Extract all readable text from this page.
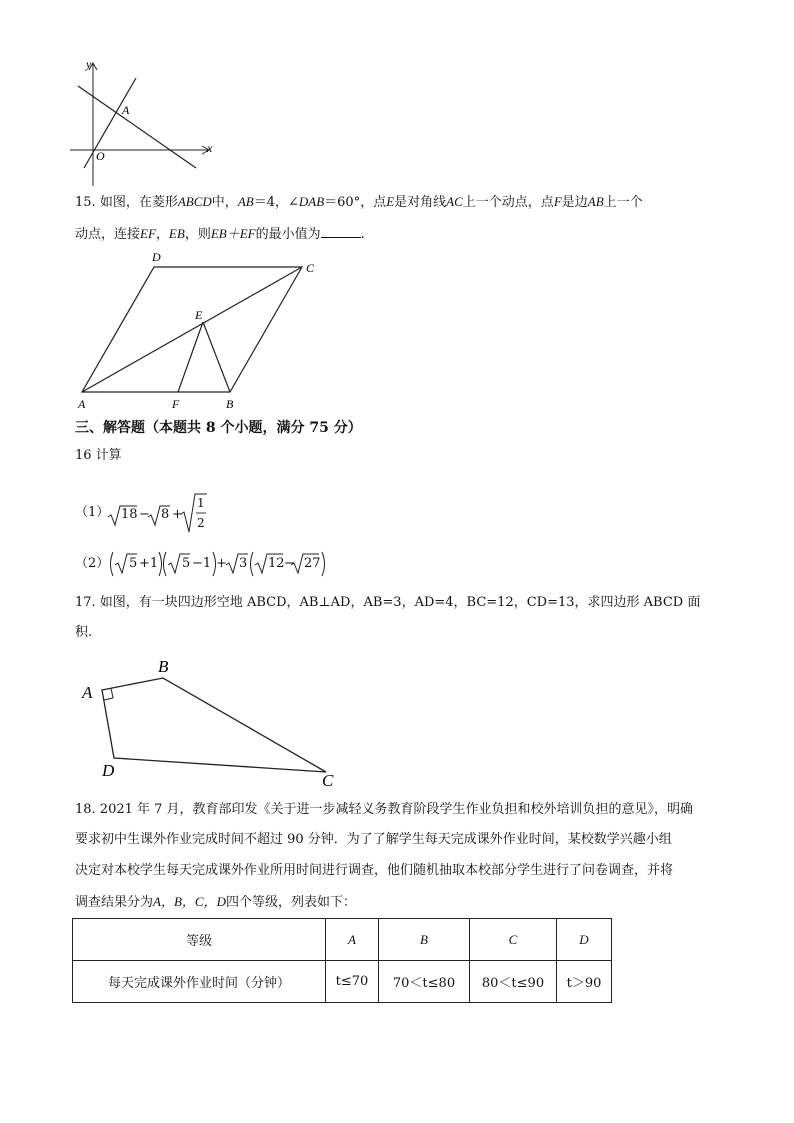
y
x
O
A
15. 如图，在菱形ABCD中，AB＝4，∠DAB＝60°，点E是对角线AC上一个动点，点F是边AB上一个
动点，连接EF，EB，则EB＋EF的最小值为	.
D
C
E
A	F	B
三、解答题（本题共 8 个小题，满分 75 分）
16 计算
（1） 18 − 8 +
1
2
（2） 5 +1 5 −1 + 3 12 − 27
17. 如图，有一块四边形空地 ABCD，AB⊥AD，AB=3，AD=4，BC=12，CD=13，求四边形 ABCD 面
积.
A
B
D
C
18. 2021 年 7 月，教育部印发《关于进一步减轻义务教育阶段学生作业负担和校外培训负担的意见》，明确
要求初中生课外作业完成时间不超过 90 分钟．为了了解学生每天完成课外作业时间，某校数学兴趣小组
决定对本校学生每天完成课外作业所用时间进行调查，他们随机抽取本校部分学生进行了问卷调查，并将
调查结果分为A，B，C，D四个等级，列表如下：
等级	A	B	C	D
每天完成课外作业时间（分钟）	t≤70	70＜t≤80	80＜t≤90	t＞90
